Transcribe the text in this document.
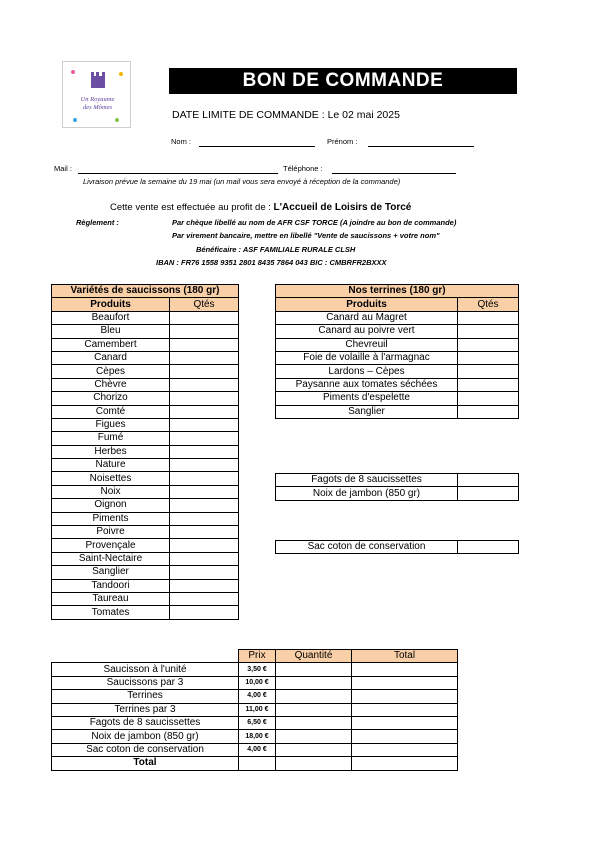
Un Royaume
des Mômes
BON DE COMMANDE
DATE LIMITE DE COMMANDE : Le 02 mai 2025
Nom :	Prénom :
Mail :	Téléphone :
Livraison prévue la semaine du 19 mai (un mail vous sera envoyé à réception de la commande)
Cette vente est effectuée au profit de : L'Accueil de Loisirs de Torcé
Règlement :	Par chèque libellé au nom de AFR CSF TORCE (A joindre au bon de commande)
Par virement bancaire, mettre en libellé "Vente de saucissons + votre nom"
Bénéficaire : ASF FAMILIALE RURALE CLSH
IBAN : FR76 1558 9351 2801 8435 7864 043 BIC : CMBRFR2BXXX
Variétés de saucissons (180 gr)	
Produits	Qtés
Beaufort	
Bleu	
Camembert	
Canard	
Cèpes	
Chèvre	
Chorizo	
Comté	
Figues	
Fumé	
Herbes	
Nature	
Noisettes	
Noix	
Oignon	
Piments	
Poivre	
Provençale	
Saint-Nectaire	
Sanglier	
Tandoori	
Taureau	
Tomates	
Nos terrines (180 gr)	
Produits	Qtés
Canard au Magret	
Canard au poivre vert	
Chevreuil	
Foie de volaille à l'armagnac	
Lardons – Cèpes	
Paysanne aux tomates séchées	
Piments d'espelette	
Sanglier	
Fagots de 8 saucissettes	
Noix de jambon (850 gr)	
Sac coton de conservation	
	Prix	Quantité	Total
Saucisson à l'unité	3,50 €		
Saucissons par 3	10,00 €		
Terrines	4,00 €		
Terrines par 3	11,00 €		
Fagots de 8 saucissettes	6,50 €		
Noix de jambon (850 gr)	18,00 €		
Sac coton de conservation	4,00 €		
Total			
